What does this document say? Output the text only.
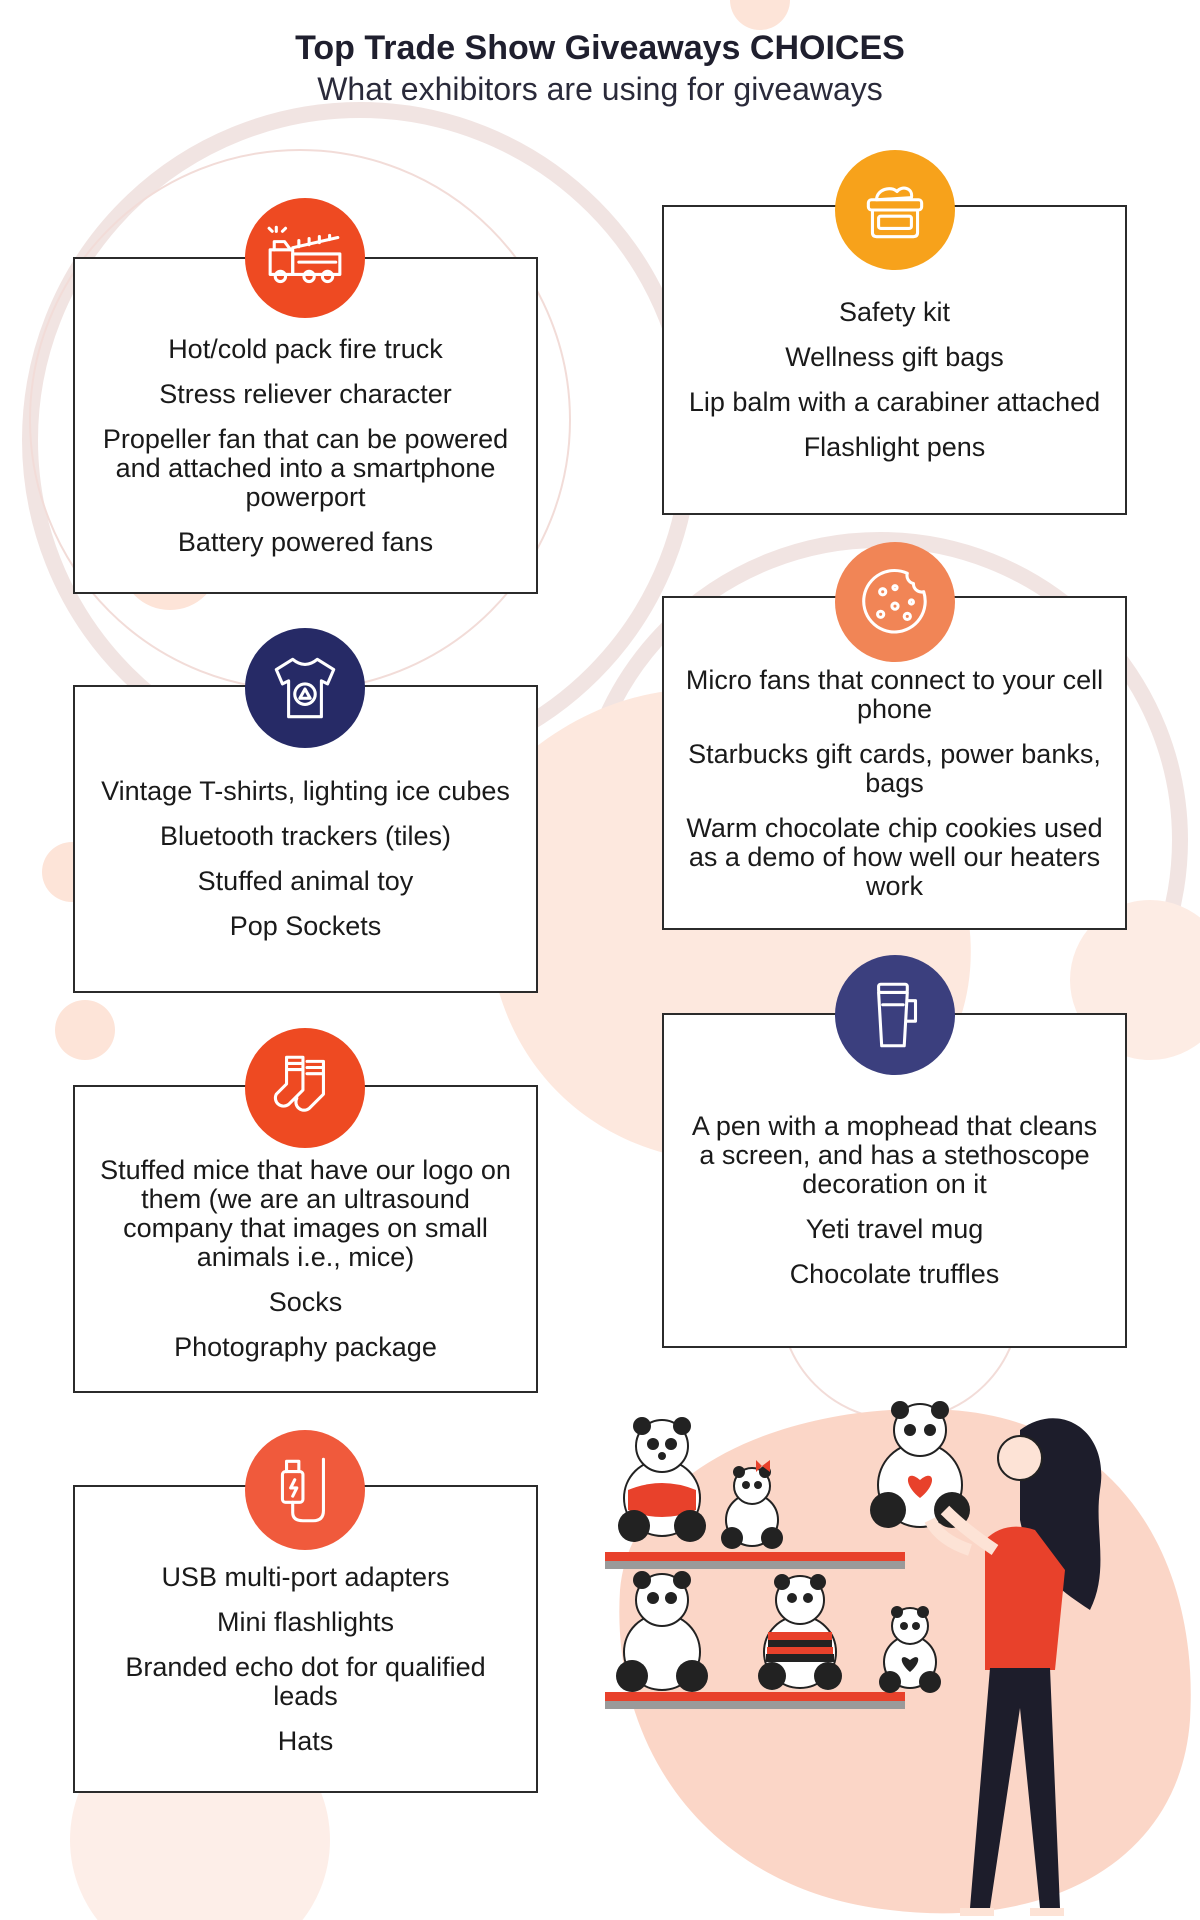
Top Trade Show Giveaways CHOICES
What exhibitors are using for giveaways
Hot/cold pack fire truck
Stress reliever character
Propeller fan that can be powered and attached into a smartphone powerport
Battery powered fans
Safety kit
Wellness gift bags
Lip balm with a carabiner attached
Flashlight pens
Vintage T-shirts, lighting ice cubes
Bluetooth trackers (tiles)
Stuffed animal toy
Pop Sockets
Micro fans that connect to your cell phone
Starbucks gift cards, power banks, bags
Warm chocolate chip cookies used as a demo of how well our heaters work
Stuffed mice that have our logo on them (we are an ultrasound company that images on small animals i.e., mice)
Socks
Photography package
A pen with a mophead that cleans a screen, and has a stethoscope decoration on it
Yeti travel mug
Chocolate truffles
USB multi-port adapters
Mini flashlights
Branded echo dot for qualified leads
Hats
